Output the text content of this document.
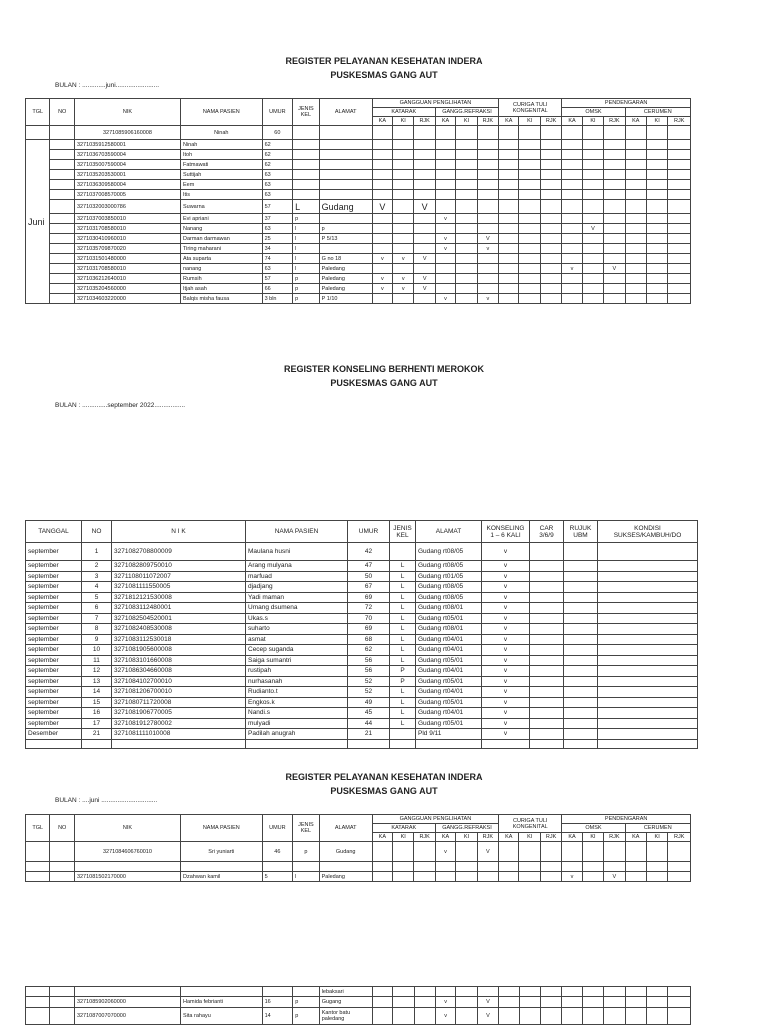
REGISTER PELAYANAN KESEHATAN INDERA
PUSKESMAS GANG AUT
BULAN : .............juni........................
TGL	NO	NIK	NAMA PASIEN	UMUR	JENIS KEL	ALAMAT	GANGGUAN PENGLIHATAN						CURIGA TULI KONGENITAL			PENDENGARAN					
							KATARAK			GANGG.REFRAKSI						OMSK			CERUMEN		
							KA	KI	RJK	KA	KI	RJK	KA	KI	RJK	KA	KI	RJK	KA	KI	RJK
		3271085906160008	Ninah	60																	
Juni		3271035912580001	Ninah	62																	
		3271036703590004	Itoh	62																	
		3271035007590004	Fatmawati	62																	
		3271035203530001	Suttijah	63																	
		3271036309580004	Eem	63																	
		3271037008570005	Itis	63																	
		3271032003000786	Suwarna	57	L	Gudang	V		V												
		3271037003850010	Evi apriani	37	p					v											
		3271031708580010	Nanang	63	l	p											V				
		3271030410960010	Darman darmawan	25	l	P 5/13				v		V									
		3271035709870020	Tiring maharani	34	l					v		v									
		3271031501480000	Ata suparta	74	l	G no 18	v	v	V												
		3271031708580010	nanang	63	l	Paledang										v		V			
		3271036212640010	Rumsih	57	p	Paledang	v	v	V												
		3271035204560000	Itjah asah	66	p	Paledang	v	v	V												
		3271034603220000	Balqis misha fausa	3 bln	p	P 1/10				v		v									
REGISTER KONSELING BERHENTI MEROKOK
PUSKESMAS GANG AUT
BULAN : ..............september 2022.................
TANGGAL	NO	N I K	NAMA PASIEN	UMUR	JENIS KEL	ALAMAT	KONSELING 1 – 6 KALI	CAR 3/6/9	RUJUK UBM	KONDISI SUKSES/KAMBUH/DO
september	1	3271082708800009	Maulana husni	42		Gudang rt08/05	v			
september	2	3271082809750010	Arang mulyana	47	L	Gudang rt08/05	v			
september	3	3271108011072007	marfuad	50	L	Gudang rt01/05	v			
september	4	3271081111550005	djadjang	67	L	Gudang rt08/05	v			
september	5	3271812121530008	Yadi maman	69	L	Gudang rt08/05	v			
september	6	3271083112480001	Umang dsumena	72	L	Gudang rt08/01	v			
september	7	3271082504520001	Ukas.s	70	L	Gudang rt05/01	v			
september	8	3271082408530008	suharto	69	L	Gudang rt08/01	v			
september	9	3271083112530018	asmat	68	L	Gudang rt04/01	v			
september	10	3271081905600008	Cecep suganda	62	L	Gudang rt04/01	v			
september	11	3271083101660008	Saiga sumantri	56	L	Gudang rt05/01	v			
september	12	3271086304660008	rustipah	56	P	Gudang rt04/01	v			
september	13	3271084102700010	nurhasanah	52	P	Gudang rt05/01	v			
september	14	3271081206700010	Rudianto.t	52	L	Gudang rt04/01	v			
september	15	3271080711720008	Engkos.k	49	L	Gudang rt05/01	v			
september	16	3271081906770005	Nandi.s	45	L	Gudang rt04/01	v			
september	17	3271081912780002	mulyadi	44	L	Gudang rt05/01	v			
Desember	21	3271081111010008	Padilah anugrah	21		Pld 9/11	v			

REGISTER PELAYANAN KESEHATAN INDERA
PUSKESMAS GANG AUT
BULAN : ....juni ...............................
TGL	NO	NIK	NAMA PASIEN	UMUR	JENIS KEL	ALAMAT	GANGGUAN PENGLIHATAN						CURIGA TULI KONGENITAL			PENDENGARAN					
							KATARAK			GANGG.REFRAKSI						OMSK			CERUMEN		
							KA	KI	RJK	KA	KI	RJK	KA	KI	RJK	KA	KI	RJK	KA	KI	RJK
		3271084606760010	Sri yuniarti	46	p	Gudang				v		V									

		3271081502170000	Dzahwan kamil	5	l	Paledang										v		V			
						lebaksari															
		3271085902060000	Hamida febrianti	16	p	Gugang				v		V									
		3271087007070000	Sita rahayu	14	p	Kantor batu paledang				v		V									
